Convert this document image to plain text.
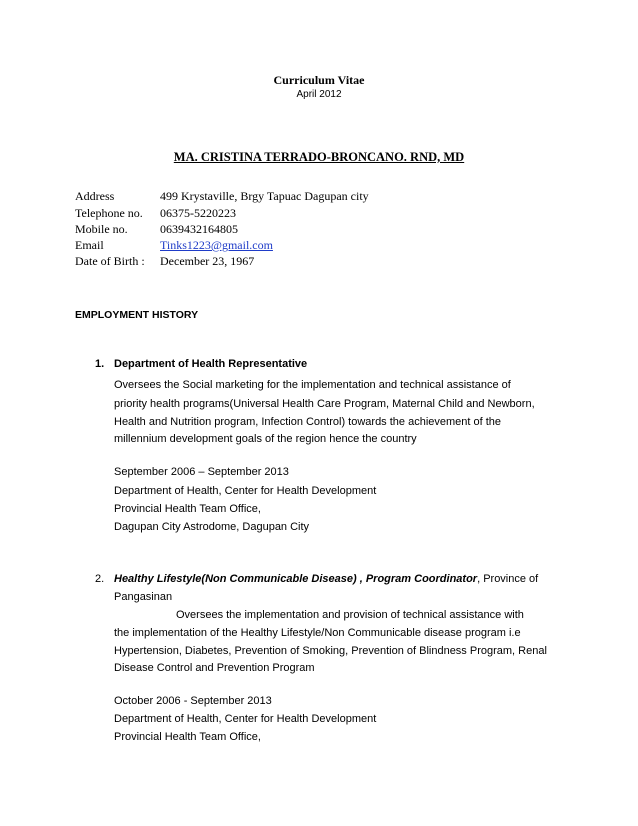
Curriculum Vitae
April 2012
MA. CRISTINA TERRADO-BRONCANO. RND, MD
Address	499 Krystaville, Brgy Tapuac Dagupan city
Telephone no. 06375-5220223
Mobile no.	0639432164805
Email	Tinks1223@gmail.com
Date of Birth : December 23, 1967
EMPLOYMENT HISTORY
1. Department of Health Representative
Oversees the Social marketing for the implementation and technical assistance of
priority health programs(Universal Health Care Program, Maternal Child and Newborn,
Health and Nutrition program, Infection Control) towards the achievement of the
millennium development goals of the region hence the country
September 2006 – September 2013
Department of Health, Center for Health Development
Provincial Health Team Office,
Dagupan City Astrodome, Dagupan City
2. Healthy Lifestyle(Non Communicable Disease) , Program Coordinator, Province of
Pangasinan
Oversees the implementation and provision of technical assistance with
the implementation of the Healthy Lifestyle/Non Communicable disease program i.e
Hypertension, Diabetes, Prevention of Smoking, Prevention of Blindness Program, Renal
Disease Control and Prevention Program
October 2006 - September 2013
Department of Health, Center for Health Development
Provincial Health Team Office,
